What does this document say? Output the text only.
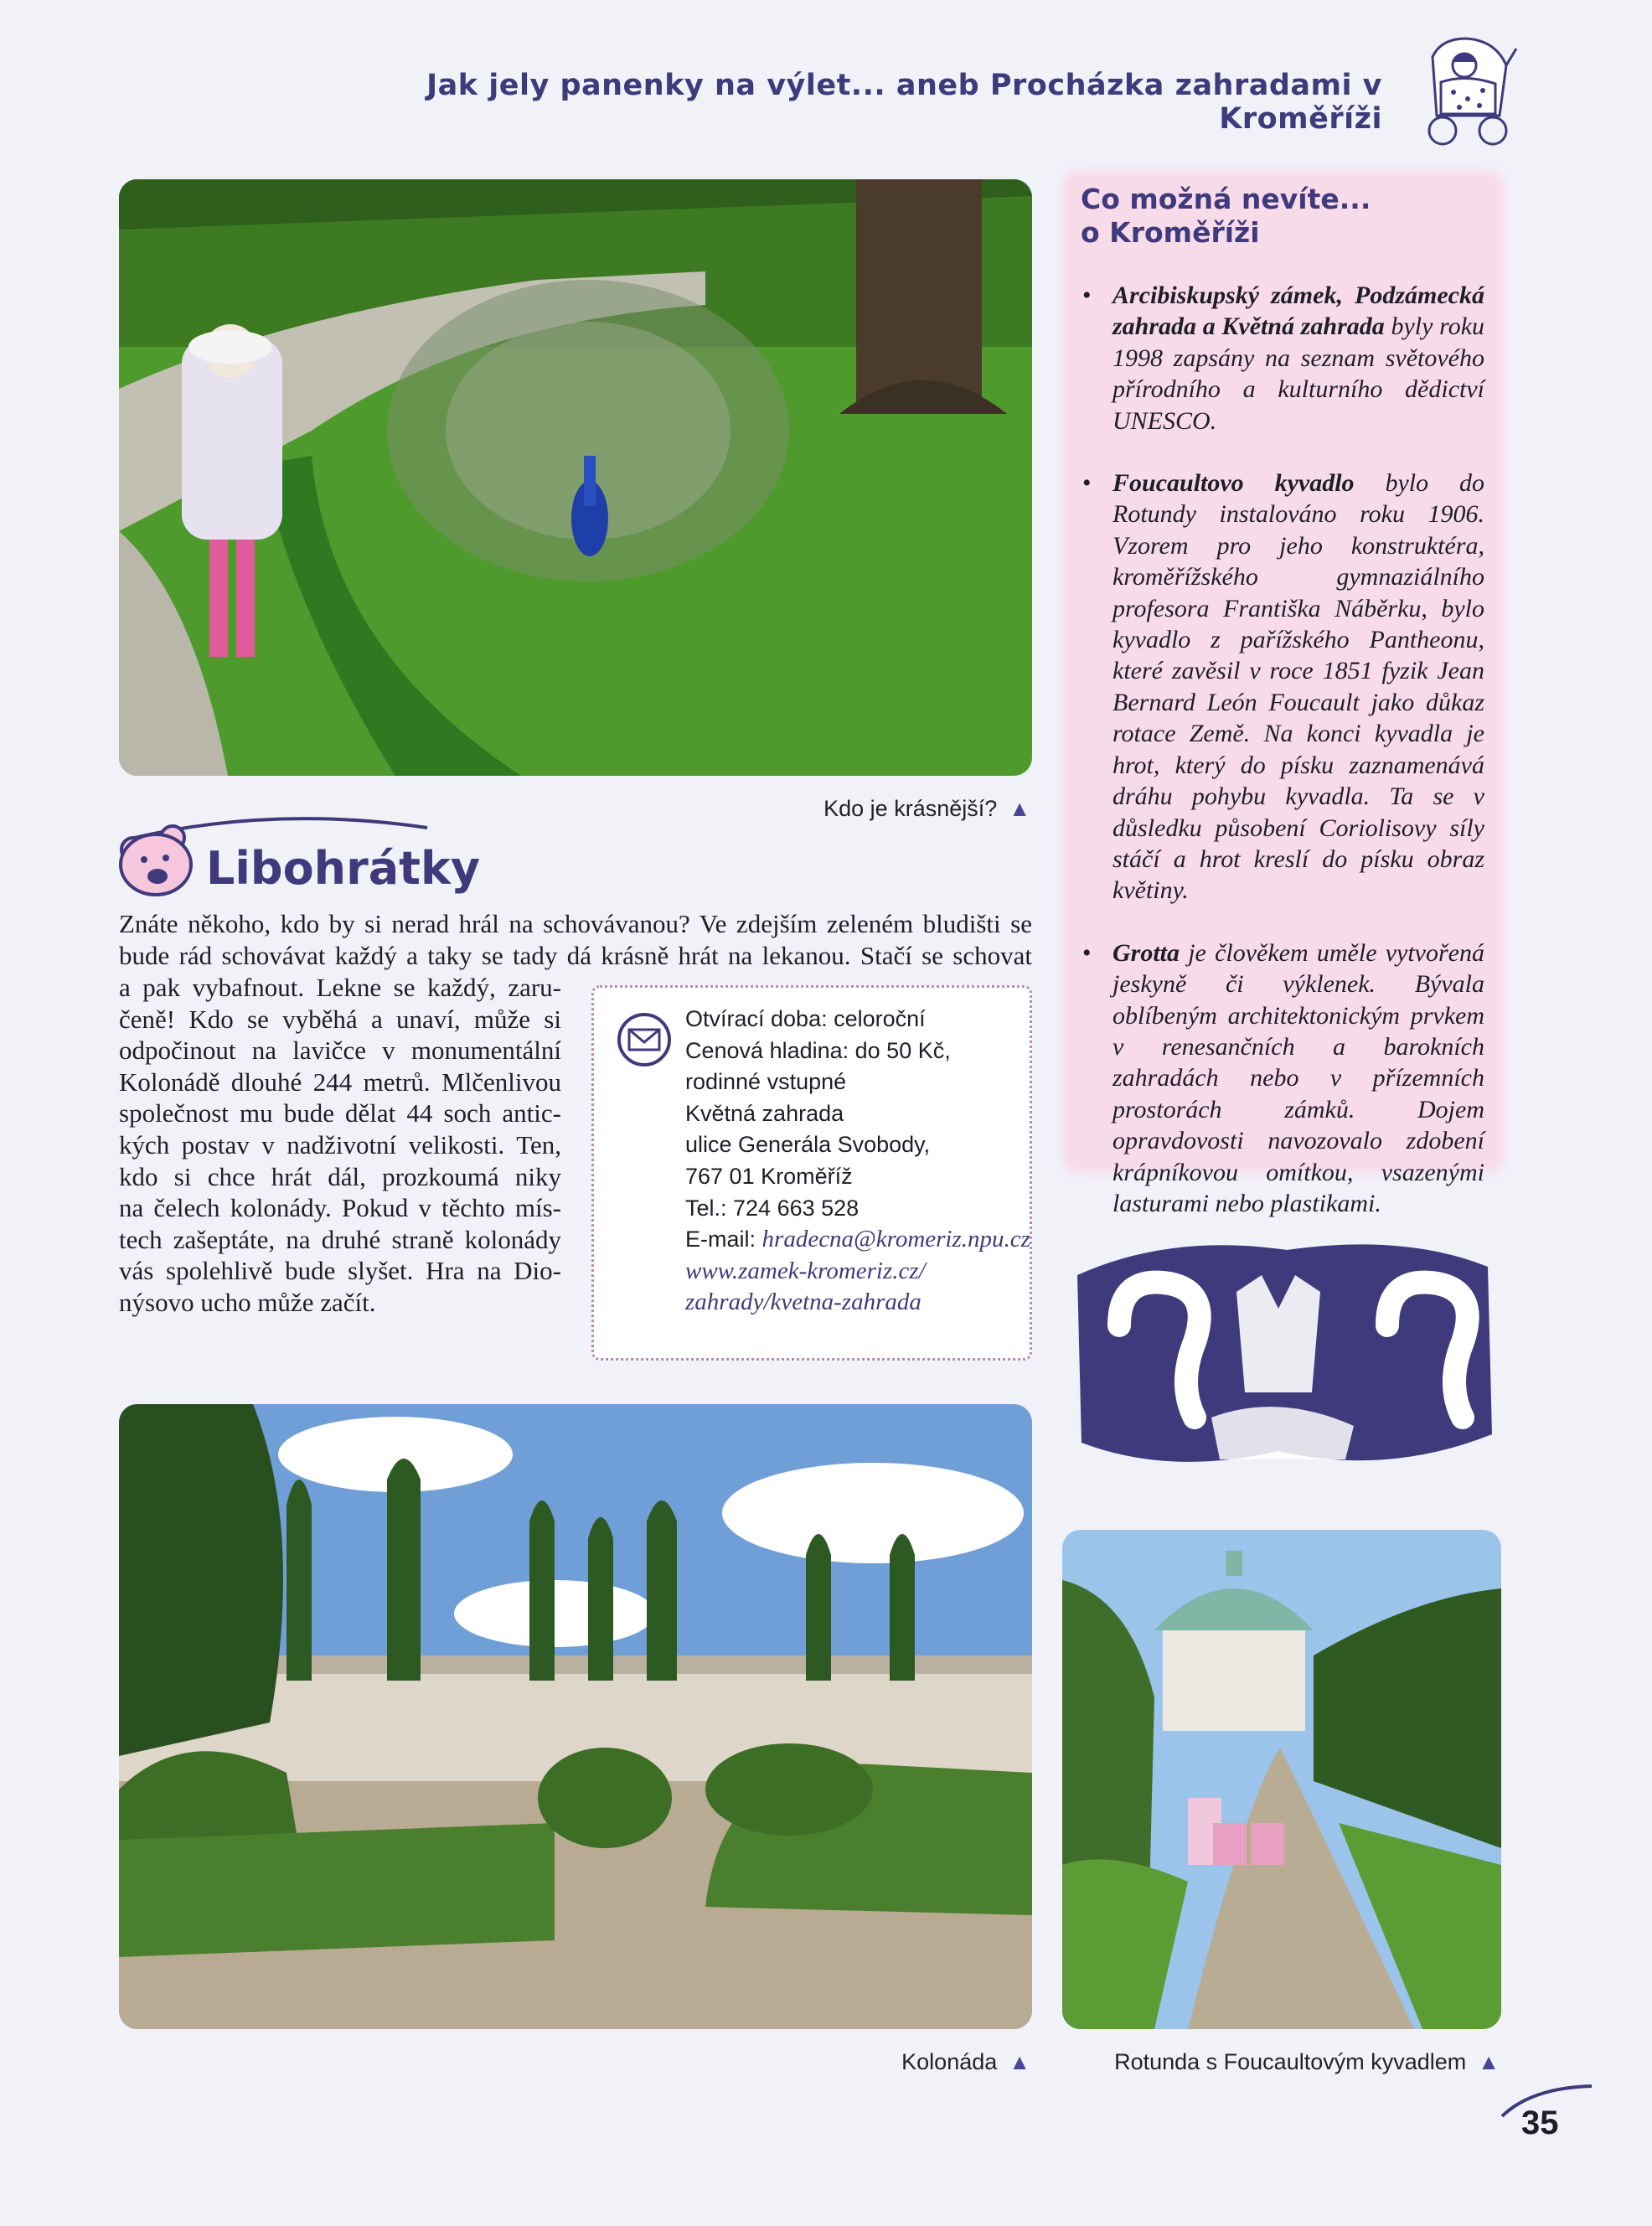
Jak jely panenky na výlet... aneb Procházka zahradami v Kroměříži
Kdo je krásnější? ▲
Libohrátky
Znáte někoho, kdo by si nerad hrál na schovávanou? Ve zdejším zeleném bludišti se
bude rád schovávat každý a taky se tady dá krásně hrát na lekanou. Stačí se schovat
a pak vybafnout. Lekne se každý, zaru-
čeně! Kdo se vyběhá a unaví, může si
odpočinout na lavičce v monumentální
Kolonádě dlouhé 244 metrů. Mlčenlivou
společnost mu bude dělat 44 soch antic-
kých postav v nadživotní velikosti. Ten,
kdo si chce hrát dál, prozkoumá niky
na čelech kolonády. Pokud v těchto mís-
tech zašeptáte, na druhé straně kolonády
vás spolehlivě bude slyšet. Hra na Dio-
nýsovo ucho může začít.
Otvírací doba: celoroční
Cenová hladina: do 50 Kč,
rodinné vstupné
Květná zahrada
ulice Generála Svobody,
767 01 Kroměříž
Tel.: 724 663 528
E-mail: hradecna@kromeriz.npu.cz
www.zamek-kromeriz.cz/
zahrady/kvetna-zahrada
Co možná nevíte...
o Kroměříži
• Arcibiskupský zámek, Podzámecká zahrada a Květná zahrada byly roku 1998 zapsány na seznam světového přírodního a kulturního dědictví UNESCO.
• Foucaultovo kyvadlo bylo do Rotundy instalováno roku 1906. Vzorem pro jeho konstruktéra, kroměřížského gymnaziálního profesora Františka Náběrku, bylo kyvadlo z pařížského Pantheonu, které zavěsil v roce 1851 fyzik Jean Bernard León Foucault jako důkaz rotace Země. Na konci kyvadla je hrot, který do písku zaznamenává dráhu pohybu kyvadla. Ta se v důsledku působení Coriolisovy síly stáčí a hrot kreslí do písku obraz květiny.
• Grotta je člověkem uměle vytvořená jeskyně či výklenek. Bývala oblíbeným architektonickým prvkem v renesančních a barokních zahradách nebo v přízemních prostorách zámků. Dojem opravdovosti navozovalo zdobení krápníkovou omítkou, vsazenými lasturami nebo plastikami.
Kolonáda ▲	Rotunda s Foucaultovým kyvadlem ▲
35
